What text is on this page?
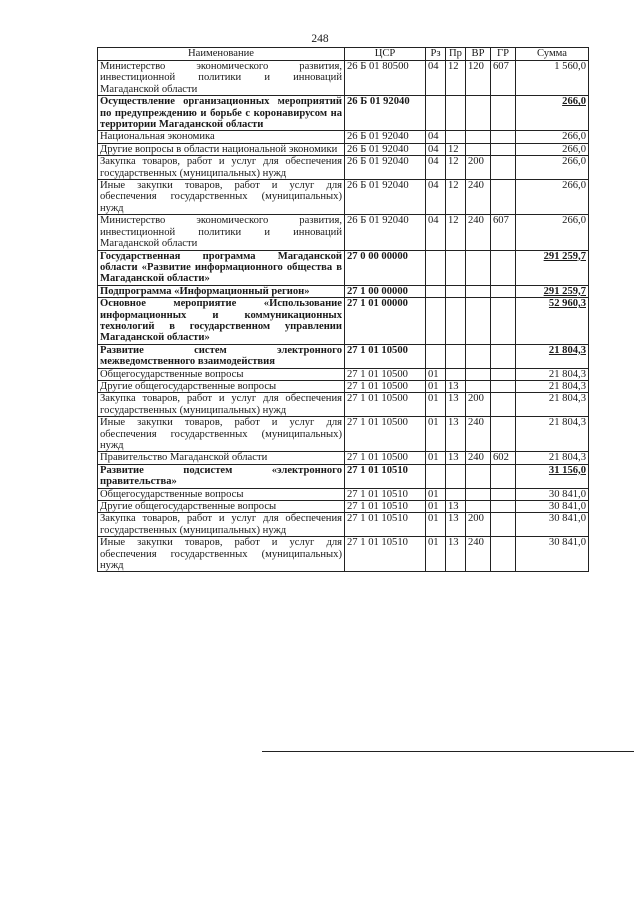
248
Наименование	ЦСР	Рз	Пр	ВР	ГР	Сумма
Министерство экономического развития, инвестиционной политики и инноваций Магаданской области	26 Б 01 80500	04	12	120	607	1 560,0
Осуществление организационных мероприятий по предупреждению и борьбе с коронавирусом на территории Магаданской области	26 Б 01 92040					266,0
Национальная экономика	26 Б 01 92040	04				266,0
Другие вопросы в области национальной экономики	26 Б 01 92040	04	12			266,0
Закупка товаров, работ и услуг для обеспечения государственных (муниципальных) нужд	26 Б 01 92040	04	12	200		266,0
Иные закупки товаров, работ и услуг для обеспечения государственных (муниципальных) нужд	26 Б 01 92040	04	12	240		266,0
Министерство экономического развития, инвестиционной политики и инноваций Магаданской области	26 Б 01 92040	04	12	240	607	266,0
Государственная программа Магаданской области «Развитие информационного общества в Магаданской области»	27 0 00 00000					291 259,7
Подпрограмма «Информационный регион»	27 1 00 00000					291 259,7
Основное мероприятие «Использование информационных и коммуникационных технологий в государственном управлении Магаданской области»	27 1 01 00000					52 960,3
Развитие систем электронного межведомственного взаимодействия	27 1 01 10500					21 804,3
Общегосударственные вопросы	27 1 01 10500	01				21 804,3
Другие общегосударственные вопросы	27 1 01 10500	01	13			21 804,3
Закупка товаров, работ и услуг для обеспечения государственных (муниципальных) нужд	27 1 01 10500	01	13	200		21 804,3
Иные закупки товаров, работ и услуг для обеспечения государственных (муниципальных) нужд	27 1 01 10500	01	13	240		21 804,3
Правительство Магаданской области	27 1 01 10500	01	13	240	602	21 804,3
Развитие подсистем «электронного правительства»	27 1 01 10510					31 156,0
Общегосударственные вопросы	27 1 01 10510	01				30 841,0
Другие общегосударственные вопросы	27 1 01 10510	01	13			30 841,0
Закупка товаров, работ и услуг для обеспечения государственных (муниципальных) нужд	27 1 01 10510	01	13	200		30 841,0
Иные закупки товаров, работ и услуг для обеспечения государственных (муниципальных) нужд	27 1 01 10510	01	13	240		30 841,0
